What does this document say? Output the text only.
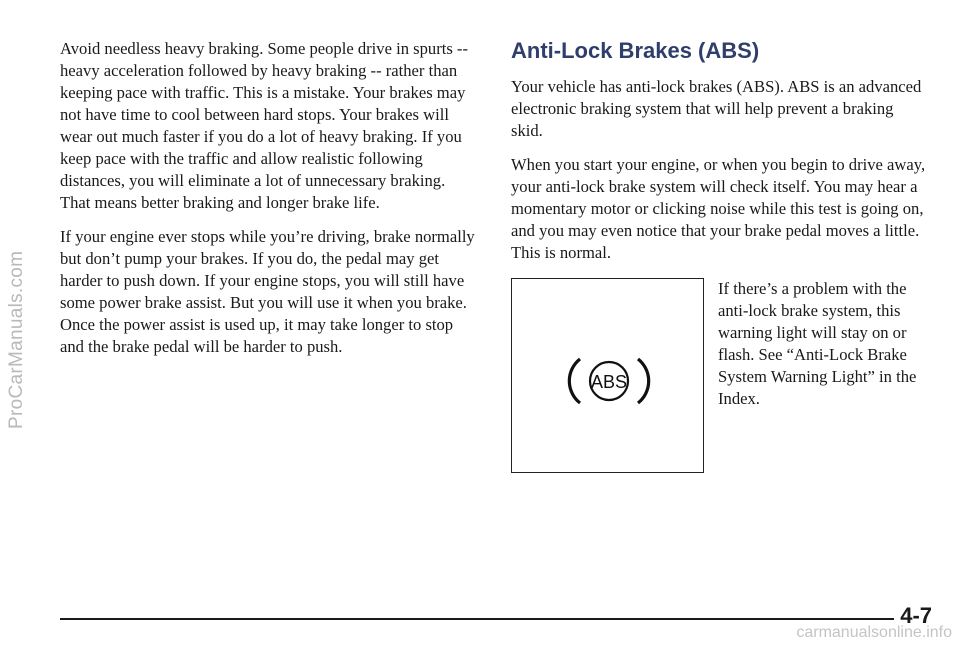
ProCarManuals.com

Avoid needless heavy braking. Some people drive in spurts -- heavy acceleration followed by heavy braking -- rather than keeping pace with traffic. This is a mistake. Your brakes may not have time to cool between hard stops. Your brakes will wear out much faster if you do a lot of heavy braking. If you keep pace with the traffic and allow realistic following distances, you will eliminate a lot of unnecessary braking. That means better braking and longer brake life.

If your engine ever stops while you’re driving, brake normally but don’t pump your brakes. If you do, the pedal may get harder to push down. If your engine stops, you will still have some power brake assist. But you will use it when you brake. Once the power assist is used up, it may take longer to stop and the brake pedal will be harder to push.

Anti-Lock Brakes (ABS)

Your vehicle has anti-lock brakes (ABS). ABS is an advanced electronic braking system that will help prevent a braking skid.

When you start your engine, or when you begin to drive away, your anti-lock brake system will check itself. You may hear a momentary motor or clicking noise while this test is going on, and you may even notice that your brake pedal moves a little. This is normal.

ABS
If there’s a problem with the anti-lock brake system, this warning light will stay on or flash. See “Anti-Lock Brake System Warning Light” in the Index.
4-7
carmanualsonline.info
